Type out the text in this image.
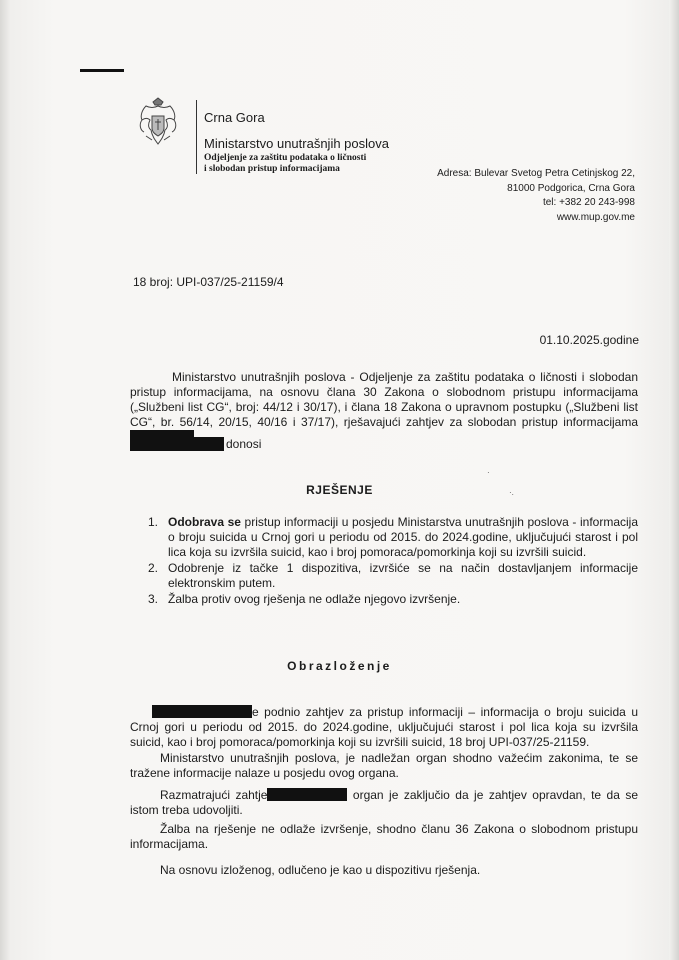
Crna Gora
Ministarstvo unutrašnjih poslova
Odjeljenje za zaštitu podataka o ličnosti
i slobodan pristup informacijama	Adresa: Bulevar Svetog Petra Cetinjskog 22,
81000 Podgorica, Crna Gora
tel: +382 20 243-998
www.mup.gov.me
18 broj: UPI-037/25-21159/4
01.10.2025.godine

Ministarstvo unutrašnjih poslova - Odjeljenje za zaštitu podataka o ličnosti i slobodan pristup informacijama, na osnovu člana 30 Zakona o slobodnom pristupu informacijama („Službeni list CG“, broj: 44/12 i 30/17), i člana 18 Zakona o upravnom postupku („Službeni list CG“, br. 56/14, 20/15, 40/16 i 37/17), rješavajući zahtjev za slobodan pristup informacijama

donosi
·
·.
RJEŠENJE
1. Odobrava se pristup informaciji u posjedu Ministarstva unutrašnjih poslova - informacija o broju suicida u Crnoj gori u periodu od 2015. do 2024.godine, uključujući starost i pol lica koja su izvršila suicid, kao i broj pomoraca/pomorkinja koji su izvršili suicid.
2. Odobrenje iz tačke 1 dispozitiva, izvršiće se na način dostavljanjem informacije elektronskim putem.
3. Žalba protiv ovog rješenja ne odlaže njegovo izvršenje.
Obrazloženje

e podnio zahtjev za pristup informaciji – informacija o broju suicida u Crnoj gori u periodu od 2015. do 2024.godine, uključujući starost i pol lica koja su izvršila suicid, kao i broj pomoraca/pomorkinja koji su izvršili suicid, 18 broj UPI-037/25-21159.

Ministarstvo unutrašnjih poslova, je nadležan organ shodno važećim zakonima, te se tražene informacije nalaze u posjedu ovog organa.

Razmatrajući zahtje	organ je zaključio da je zahtjev opravdan, te da se istom treba udovoljiti.

Žalba na rješenje ne odlaže izvršenje, shodno članu 36 Zakona o slobodnom pristupu informacijama.

Na osnovu izloženog, odlučeno je kao u dispozitivu rješenja.
